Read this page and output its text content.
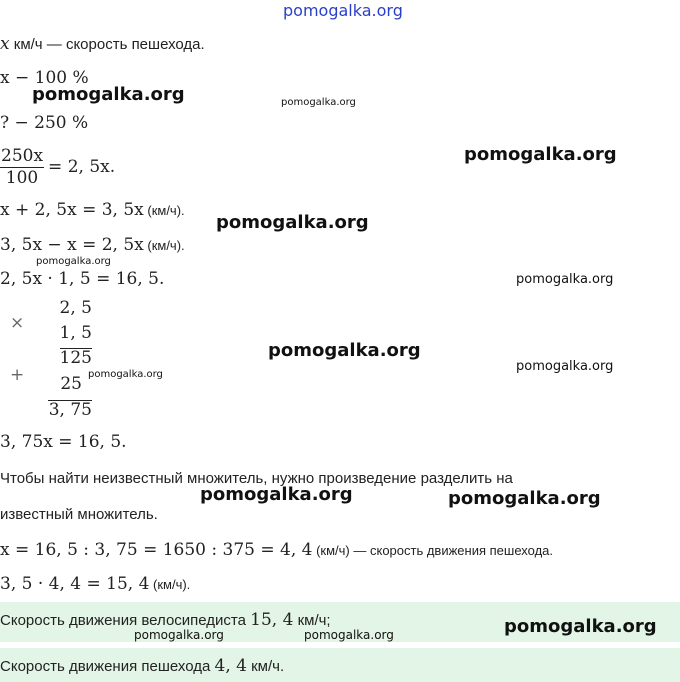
pomogalka.org
x км/ч — скорость пешехода.
x − 100 %
? − 250 %
$\frac{250x}{100} = 2$, 5x.
x + 2, 5x = 3, 5x (км/ч).
3, 5x − x = 2, 5x (км/ч).
2, 5x · 1, 5 = 16, 5.
×
2, 5
1, 5
125
+	25
3, 75
3, 75x = 16, 5.
Чтобы найти неизвестный множитель, нужно произведение разделить на
известный множитель.
x = 16, 5 : 3, 75 = 1650 : 375 = 4, 4 (км/ч) — скорость движения пешехода.
3, 5 · 4, 4 = 15, 4 (км/ч).
Скорость движения велосипедиста 15, 4 км/ч;
Скорость движения пешехода 4, 4 км/ч.
pomogalka.org	pomogalka.org
pomogalka.org
pomogalka.org
pomogalka.org
pomogalka.org
pomogalka.org
pomogalka.org
pomogalka.org
pomogalka.org	pomogalka.org
pomogalka.org
pomogalka.org	pomogalka.org
